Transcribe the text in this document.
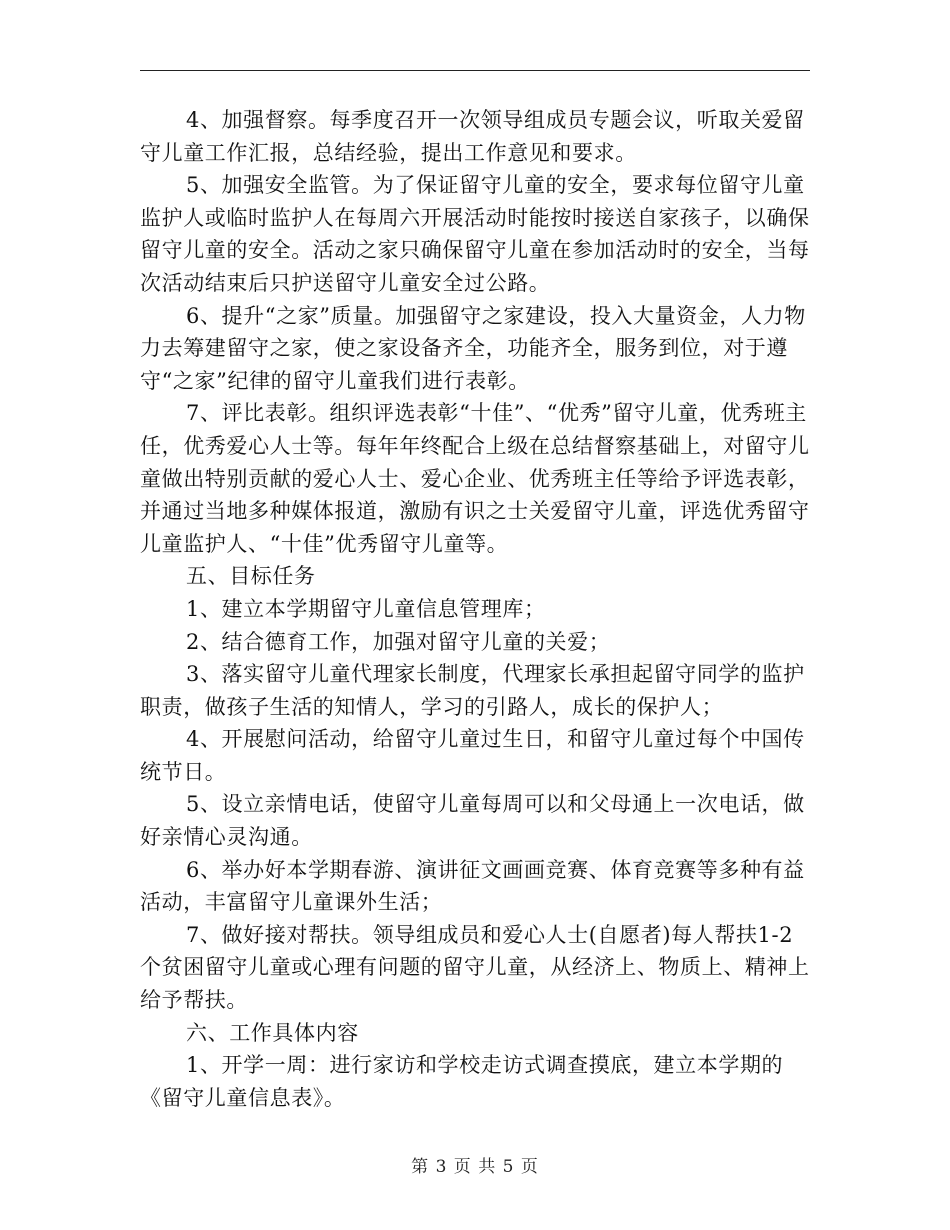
4、加强督察。每季度召开一次领导组成员专题会议，听取关爱留守儿童工作汇报，总结经验，提出工作意见和要求。

5、加强安全监管。为了保证留守儿童的安全，要求每位留守儿童监护人或临时监护人在每周六开展活动时能按时接送自家孩子，以确保留守儿童的安全。活动之家只确保留守儿童在参加活动时的安全，当每次活动结束后只护送留守儿童安全过公路。

6、提升“之家”质量。加强留守之家建设，投入大量资金，人力物力去筹建留守之家，使之家设备齐全，功能齐全，服务到位，对于遵守“之家”纪律的留守儿童我们进行表彰。

7、评比表彰。组织评选表彰“十佳”、“优秀”留守儿童，优秀班主任，优秀爱心人士等。每年年终配合上级在总结督察基础上，对留守儿童做出特别贡献的爱心人士、爱心企业、优秀班主任等给予评选表彰，并通过当地多种媒体报道，激励有识之士关爱留守儿童，评选优秀留守儿童监护人、“十佳”优秀留守儿童等。

五、目标任务

1、建立本学期留守儿童信息管理库；

2、结合德育工作，加强对留守儿童的关爱；

3、落实留守儿童代理家长制度，代理家长承担起留守同学的监护职责，做孩子生活的知情人，学习的引路人，成长的保护人；

4、开展慰问活动，给留守儿童过生日，和留守儿童过每个中国传统节日。

5、设立亲情电话，使留守儿童每周可以和父母通上一次电话，做好亲情心灵沟通。

6、举办好本学期春游、演讲征文画画竞赛、体育竞赛等多种有益活动，丰富留守儿童课外生活；

7、做好接对帮扶。领导组成员和爱心人士(自愿者)每人帮扶1-2个贫困留守儿童或心理有问题的留守儿童，从经济上、物质上、精神上给予帮扶。

六、工作具体内容

1、开学一周：进行家访和学校走访式调查摸底，建立本学期的《留守儿童信息表》。

第 3 页 共 5 页
